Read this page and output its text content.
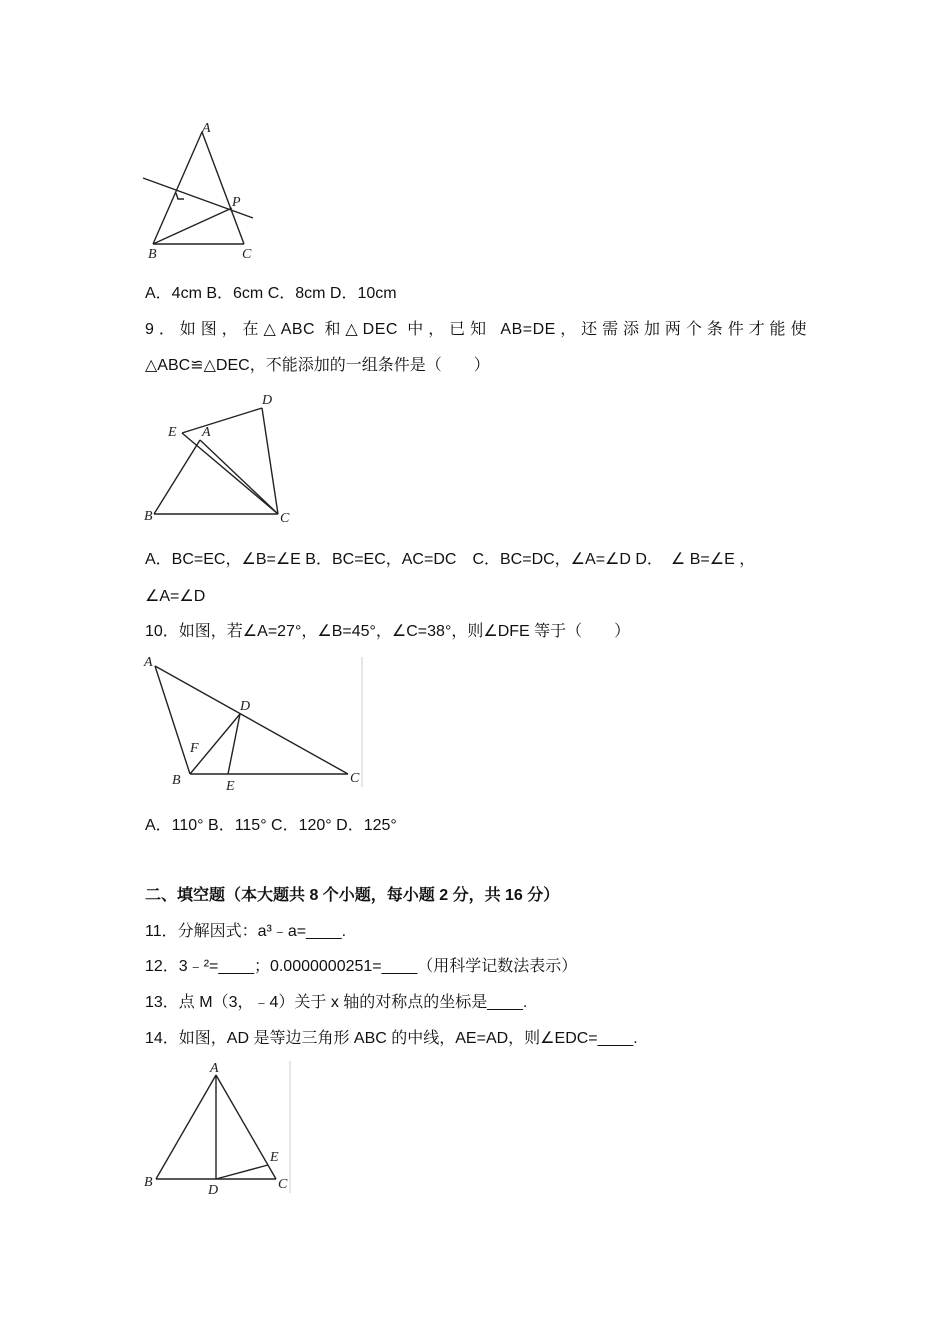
A
P
B	C
A．4cm B．6cm C．8cm D．10cm
9．如图，在△ABC 和△DEC 中，已知 AB=DE，还需添加两个条件才能使
△ABC≌△DEC，不能添加的一组条件是（　　）
D
E A
B	C
A．BC=EC，∠B=∠E B．BC=EC，AC=DC　C．BC=DC，∠A=∠D D．　∠ B=∠E ，
∠A=∠D
10．如图，若∠A=27°，∠B=45°，∠C=38°，则∠DFE 等于（　　）
A
D
F
B	E
C
A．110° B．115° C．120° D．125°
二、填空题（本大题共 8 个小题，每小题 2 分，共 16 分）
11．分解因式：a³﹣a=____.
12．3﹣²=____；0.0000000251=____（用科学记数法表示）
13．点 M（3，﹣4）关于 x 轴的对称点的坐标是____.
14．如图，AD 是等边三角形 ABC 的中线，AE=AD，则∠EDC=____.
A
E
B
D	C
